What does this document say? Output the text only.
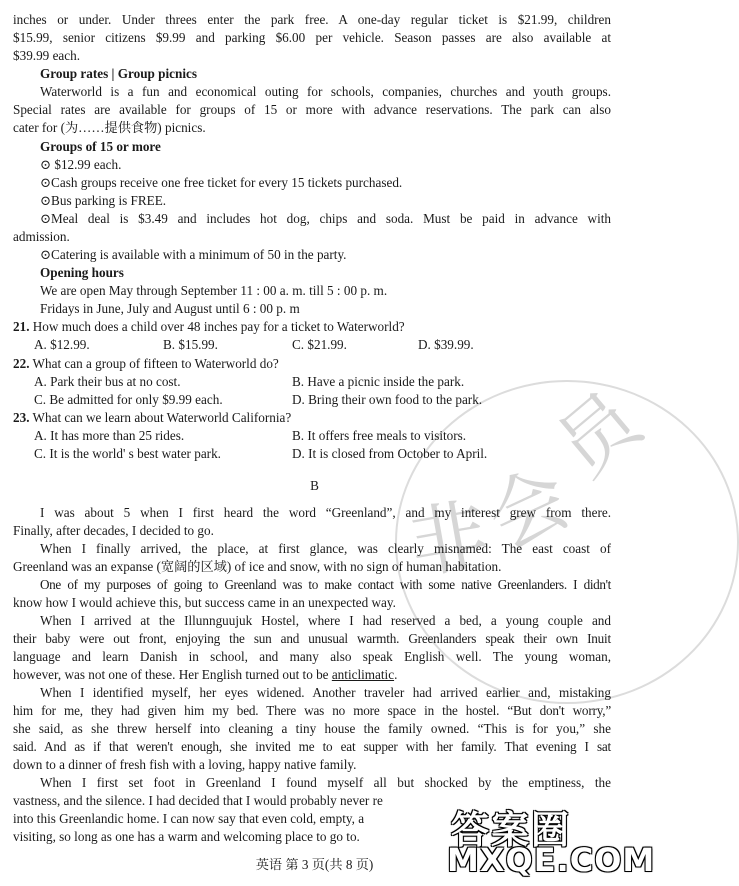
员
会
非
inches or under. Under threes enter the park free. A one-day regular ticket is $21.99, children
$15.99, senior citizens $9.99 and parking $6.00 per vehicle. Season passes are also available at
$39.99 each.
Group rates | Group picnics
Waterworld is a fun and economical outing for schools, companies, churches and youth groups.
Special rates are available for groups of 15 or more with advance reservations. The park can also
cater for (为……提供食物) picnics.
Groups of 15 or more
⊙ $12.99 each.
⊙Cash groups receive one free ticket for every 15 tickets purchased.
⊙Bus parking is FREE.
⊙Meal deal is $3.49 and includes hot dog, chips and soda. Must be paid in advance with
admission.
⊙Catering is available with a minimum of 50 in the party.
Opening hours
We are open May through September 11 : 00 a. m. till 5 : 00 p. m.
Fridays in June, July and August until 6 : 00 p. m
21. How much does a child over 48 inches pay for a ticket to Waterworld?
A. $12.99.	B. $15.99.	C. $21.99.	D. $39.99.
22. What can a group of fifteen to Waterworld do?
A. Park their bus at no cost.	B. Have a picnic inside the park.
C. Be admitted for only $9.99 each.	D. Bring their own food to the park.
23. What can we learn about Waterworld California?
A. It has more than 25 rides.	B. It offers free meals to visitors.
C. It is the world' s best water park.	D. It is closed from October to April.
B
I was about 5 when I first heard the word “Greenland”, and my interest grew from there.
Finally, after decades, I decided to go.
When I finally arrived, the place, at first glance, was clearly misnamed: The east coast of
Greenland was an expanse (宽阔的区域) of ice and snow, with no sign of human habitation.
One of my purposes of going to Greenland was to make contact with some native Greenlanders. I didn't
know how I would achieve this, but success came in an unexpected way.
When I arrived at the Illunnguujuk Hostel, where I had reserved a bed, a young couple and
their baby were out front, enjoying the sun and unusual warmth. Greenlanders speak their own Inuit
language and learn Danish in school, and many also speak English well. The young woman,
however, was not one of these. Her English turned out to be anticlimatic.
When I identified myself, her eyes widened. Another traveler had arrived earlier and, mistaking
him for me, they had given him my bed. There was no more space in the hostel. “But don't worry,”
she said, as she threw herself into cleaning a tiny house the family owned. “This is for you,” she
said. And as if that weren't enough, she invited me to eat supper with her family. That evening I sat
down to a dinner of fresh fish with a loving, happy native family.
When I first set foot in Greenland I found myself all but shocked by the emptiness, the
vastness, and the silence. I had decided that I would probably never re
into this Greenlandic home. I can now say that even cold, empty, a
visiting, so long as one has a warm and welcoming place to go to.
英语 第 3 页(共 8 页)
答案圈
MXQE.COM
